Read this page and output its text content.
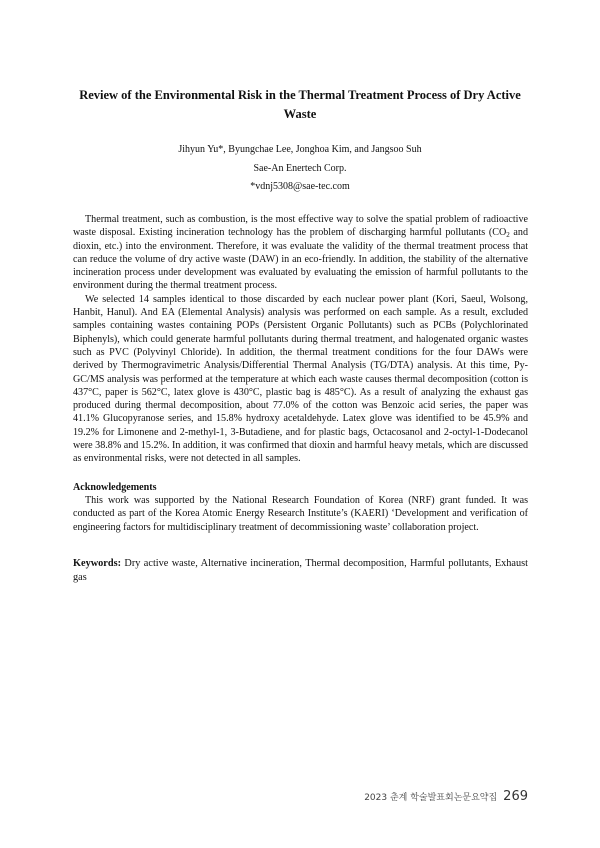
Review of the Environmental Risk in the Thermal Treatment Process of Dry Active Waste
Jihyun Yu*, Byungchae Lee, Jonghoa Kim, and Jangsoo Suh
Sae-An Enertech Corp.
*vdnj5308@sae-tec.com

Thermal treatment, such as combustion, is the most effective way to solve the spatial problem of radioactive waste disposal. Existing incineration technology has the problem of discharging harmful pollutants ($CO_2$ and dioxin, etc.) into the environment. Therefore, it was evaluate the validity of the thermal treatment process that can reduce the volume of dry active waste (DAW) in an eco-friendly. In addition, the stability of the alternative incineration process under development was evaluated by evaluating the emission of harmful pollutants to the environment during the thermal treatment process.

We selected 14 samples identical to those discarded by each nuclear power plant (Kori, Saeul, Wolsong, Hanbit, Hanul). And EA (Elemental Analysis) analysis was performed on each sample. As a result, excluded samples containing wastes containing POPs (Persistent Organic Pollutants) such as PCBs (Polychlorinated Biphenyls), which could generate harmful pollutants during thermal treatment, and halogenated organic wastes such as PVC (Polyvinyl Chloride). In addition, the thermal treatment conditions for the four DAWs were derived by Thermogravimetric Analysis/Differential Thermal Analysis (TG/DTA) analysis. At this time, Py-GC/MS analysis was performed at the temperature at which each waste causes thermal decomposition (cotton is 437°C, paper is 562°C, latex glove is 430°C, plastic bag is 485°C). As a result of analyzing the exhaust gas produced during thermal decomposition, about 77.0% of the cotton was Benzoic acid series, the paper was 41.1% Glucopyranose series, and 15.8% hydroxy acetaldehyde. Latex glove was identified to be 45.9% and 19.2% for Limonene and 2-methyl-1, 3-Butadiene, and for plastic bags, Octacosanol and 2-octyl-1-Dodecanol were 38.8% and 15.2%. In addition, it was confirmed that dioxin and harmful heavy metals, which are discussed as environmental risks, were not detected in all samples.

Acknowledgements

This work was supported by the National Research Foundation of Korea (NRF) grant funded. It was conducted as part of the Korea Atomic Energy Research Institute’s (KAERI) ‘Development and verification of engineering factors for multidisciplinary treatment of decommissioning waste’ collaboration project.

Keywords: Dry active waste, Alternative incineration, Thermal decomposition, Harmful pollutants, Exhaust gas

2023 춘계 학술발표회논문요약집 269
